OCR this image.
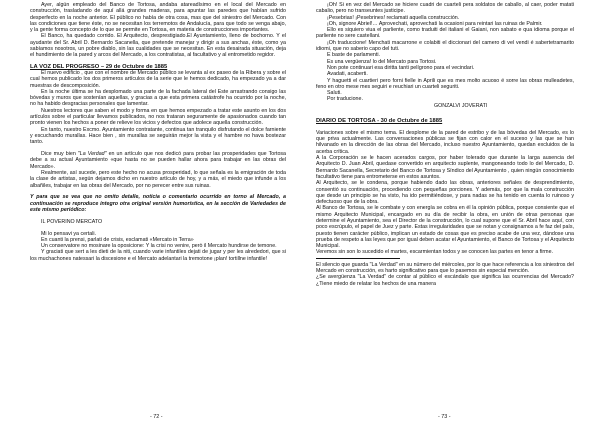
Ayer, algún empleado del Banco de Tortosa, andaba atareadísimo en el local del Mercado en construcción, trasladando de aquí allá grandes maderas, para apuntar las paredes que habían sufrido desperfecto en la noche anterior. El público no había de otra cosa, mas que del siniestro del Mercado. Con las condiciones que tiene éste, no se necesitan los terremotos de Andalucía, para que todo se venga abajo, y la gente forma concepto de lo que se permite en Tortosa, en materia de construcciones importantes.

El Banco, ha quedado corrido. El Arquitecto, desprestigiado.El Ayuntamiento, lleno de bochorno. Y el ayudante del Sr. Abril D. Bernardo Sacanella, que pretende manejar y dirigir a sus anchas, éste, como ya sabíamos nosotros, un pobre diablo, sin las cualidades que se necesitan. En esta desairada situación, deja el hundimiento de la pared y arcos del Mercado, a los contratistas, al facultativo y al entrometido regidor.

LA VOZ DEL PROGRESO – 29 de Octubre de 1885

El nuevo edificio , que con el nombre de Mercado público se levanta al ex paseo de la Ribera y sobre el cual hemos publicado los dos primeros artículos de la serie que le hemos dedicado, ha empezado ya a dar muestras de descomposición.

En la noche última se ha desplomado una parte de la fachada lateral del Este arrastrando consigo las bóvedas y muros que sostenían aquellas, y gracias a que esta primera catástrofe ha ocurrido por la noche, no ha habido desgracias personales que lamentar.

Nuestros lectores que saben el modo y forma en que hemos empezado a tratar este asunto en los dos artículos sobre el particular llevamos publicados, no nos trataran seguramente de apasionados cuando tan pronto vienen los hechos a poner de relieve los vicios y defectos que adolece aquella construcción.

En tanto, nuestro Excmo. Ayuntamiento contratante, continua tan tranquilo disfrutando el dolce farniente y escuchando murallas. Hace bien , sin murallas se seguirán mejor la vista y el hambre no hava bostezar tanto.

Dice muy bien "La Verdad" en un artículo que nos dedicó para probar las prosperidades que Tortosa debe a su actual Ayuntamiento «que hasta no se pueden hallar ahora para trabajar en las obras del Mercado».

Realmente, así sucede, pero este hecho no acusa prosperidad, lo que señala es la emigración de toda la clase de artistas, según dejamos dicho en nuestro artículo de hoy, y a más, el miedo que infunde a los albañiles, trabajar en las obras del Mercado, por no perecer entre sus ruinas.

Y para que se vea que no omito detalle, noticia o comentario ocurrido en torno al Mercado, a continuación se reproduce íntegro otra original versión humorística, en la sección de Variedades de este mismo periódico:

IL POVERINO MERCATO

Mi lo pensavi ya certali.

En cuanti la prensi, parlati de crisis, esclamati «Mercato in Terra»

Un conservatore no mosinare la oposicione: Y la crisi no venire, però il Mercato hundirse de temone.

Y graciati que sert a les dieti de la niti, cuando varie infantiles dejati de jugar y per les alrededori, que si los muchachones natessari la discesione e el Mercato adelantari la tremotone ¡plan! tortillne infantile!

¡Oh! Si en vez del Mercado se hiciere cuadri de cuarteli pera soldatos de caballo, al caer, poder matati cabalio, pero no transeuntes justicipe.

¡Pesebrias! ¡Pesebrines! reclamati aquella construcción.

¡Oh, signore Abriel!… Aprovechati, aprovechati la ocasioni para reintari las ruinas de Palmir.

Ello es siquiero viua el parliente, como traduiti del italiani el Gaiani, non sabato e qua idioma porque el parliente no sere castellani.

¡Oh traduccione! Menchati macarrone e colabiti el diccionari del camero di vel vendi é sabertetramarito idiomi, que no saberio capo del tuti.

E baste de parlamenti.

Es una vergüenza! lo del Mercato para Tortosi.

Non pote continuari esa diritta tanti pelígrono para el vecindari.

Avadati, acaberti.

Y haguetti el cuartieri pero forni fielle in Aprili que es mes molto acuoso é sorre las obras mulleadetes, feno en otro mese mes seguiri e reuchiari un cuarteli seguriti.

Saluti.

Por traducione.

GONZALVI JOVERATI

DIARIO DE TORTOSA - 30 de Octubre de 1885

Variaciones sobre el mismo tema. El desplome de la pared de estribo y de las bóvedas del Mercado, es lo que priva actualmente. Las conversaciones públicas se fijan con calor en el suceso y las que se han hilvanado en la dirección de las obras del Mercado, incluso nuestro Ayuntamiento, quedan excluidos de la acerba crítica.

A la Corporación se le hacen acerados cargos, por haber tolerado que durante la larga ausencia del Arquitecto D. Juan Abril, quedase convertido en arquitecto suplente, mangoneando todo lo del Mercado, D. Bernardo Sacanella, Secretario del Banco de Tortosa y Síndico del Ayuntamiento , quien ningún conocimiento facultativo tiene para entrometerse en estos asuntos.

Al Arquitecto, se le condena, porque habiendo dado las obras, anteriores señales de desprendimiento, consentió su continuación, procediendo con pequeñas porciones. Y además, por que la mala construcción que desde un principio se ha visto, ha ido permitiéndose, y para nadas se ha tenido en cuenta lo ruinoso y defectuoso que de la obra.

Al Banco de Tortosa, se le combate y con energía se cobra en él la opinión pública, porque consiente que el mismo Arquitecto Municipal, encargado en su día de recibir la obra, en unión de otras personas que determine el Ayuntamiento, sea el Director de la construcción, lo cual supone que el Sr. Abril hace aquí, con poco escrúpulo, el papel de Juez y parte. Estas irregularidades que se notan y consignamos a fe faz del país, puesto tienen carácter público, implican un estado de cosas que es preciso acabe de una vez, dándose una prueba de respeto a las leyes que por igual deben acatar el Ayuntamiento, el Banco de Tortosa y el Arquitecto Municipal.

Veremos sin son lo sucedido el martes, escarmientan todos y se conocen las partes en tenor a firme.

El silencio que guarda "La Verdad" en su número del miércoles, por lo que hace referencia a los siniestros del Mercado en construcción, es harto significativo para que lo pasemos sin especial mención.

¿Se avergüenza "La Verdad" de contar al público el escándalo que significa las ocurrencias del Mercado? ¿Tiene miedo de relatar los hechos de una manera

- 72 -	- 73 -
